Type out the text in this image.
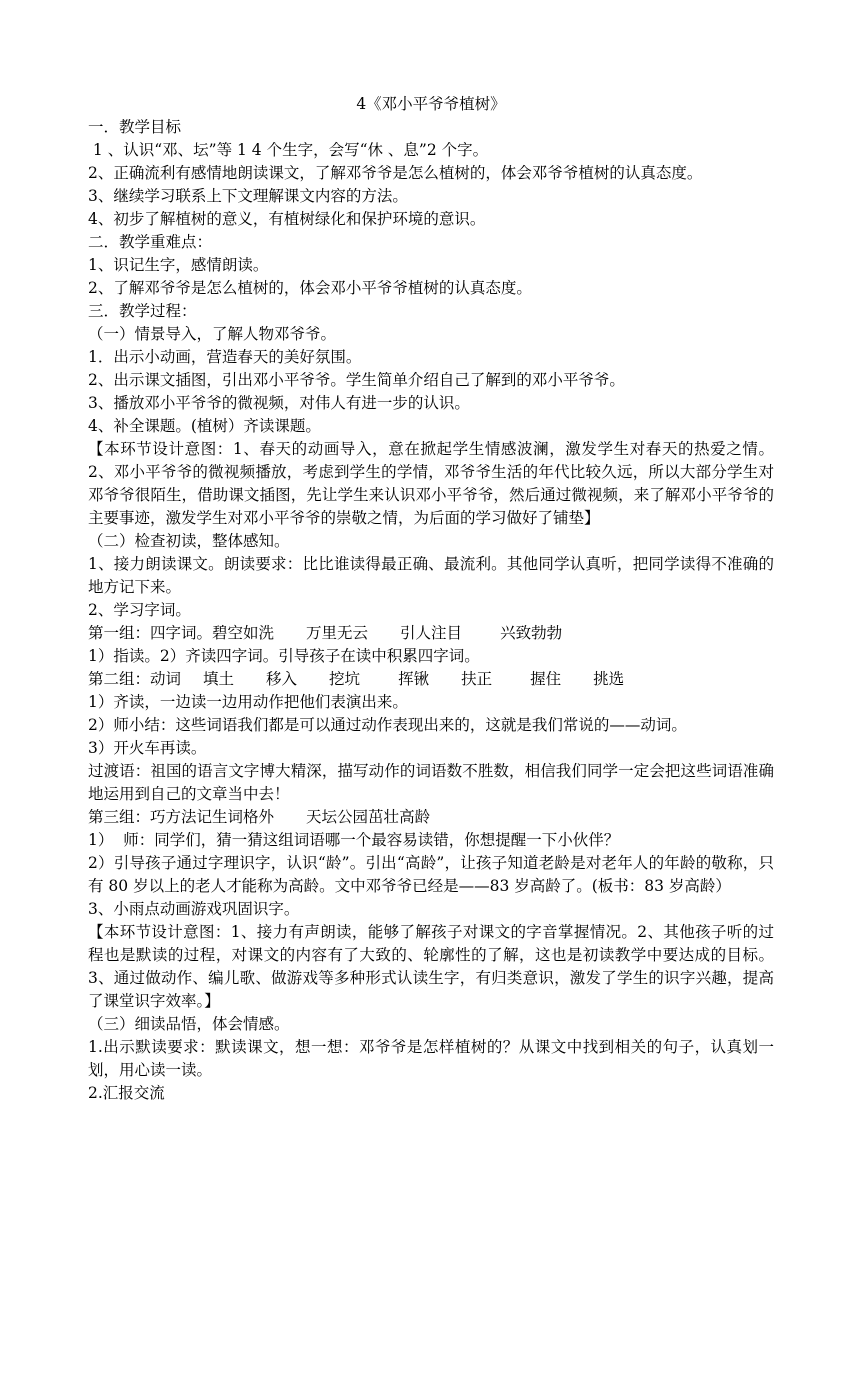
4《邓小平爷爷植树》
一．教学目标
1 、认识“邓、坛”等 1 4 个生字，会写“休 、息”2 个字。
2、正确流利有感情地朗读课文，了解邓爷爷是怎么植树的，体会邓爷爷植树的认真态度。
3、继续学习联系上下文理解课文内容的方法。
4、初步了解植树的意义，有植树绿化和保护环境的意识。
二．教学重难点：
1、识记生字，感情朗读。
2、了解邓爷爷是怎么植树的，体会邓小平爷爷植树的认真态度。
三．教学过程：
（一）情景导入，了解人物邓爷爷。
1．出示小动画，营造春天的美好氛围。
2、出示课文插图，引出邓小平爷爷。学生简单介绍自己了解到的邓小平爷爷。
3、播放邓小平爷爷的微视频，对伟人有进一步的认识。
4、补全课题。(植树）齐读课题。
【本环节设计意图：1、春天的动画导入，意在掀起学生情感波澜，激发学生对春天的热爱之情。2、邓小平爷爷的微视频播放，考虑到学生的学情，邓爷爷生活的年代比较久远，所以大部分学生对邓爷爷很陌生，借助课文插图，先让学生来认识邓小平爷爷，然后通过微视频，来了解邓小平爷爷的主要事迹，激发学生对邓小平爷爷的崇敬之情，为后面的学习做好了铺垫】
（二）检查初读，整体感知。
1、接力朗读课文。朗读要求：比比谁读得最正确、最流利。其他同学认真听，把同学读得不准确的地方记下来。
2、学习字词。
第一组：四字词。碧空如洗 万里无云 引人注目 兴致勃勃
1）指读。2）齐读四字词。引导孩子在读中积累四字词。
第二组：动词 填土 移入 挖坑 挥锹 扶正 握住 挑选
1）齐读，一边读一边用动作把他们表演出来。
2）师小结：这些词语我们都是可以通过动作表现出来的，这就是我们常说的——动词。
3）开火车再读。
过渡语：祖国的语言文字博大精深，描写动作的词语数不胜数，相信我们同学一定会把这些词语准确地运用到自己的文章当中去！
第三组：巧方法记生词格外 天坛公园茁壮高龄
1）  师：同学们，猜一猜这组词语哪一个最容易读错，你想提醒一下小伙伴？
2）引导孩子通过字理识字，认识“龄”。引出“高龄”，让孩子知道老龄是对老年人的年龄的敬称，只有 80 岁以上的老人才能称为高龄。文中邓爷爷已经是——83 岁高龄了。(板书：83 岁高龄）
3、小雨点动画游戏巩固识字。
【本环节设计意图：1、接力有声朗读，能够了解孩子对课文的字音掌握情况。2、其他孩子听的过程也是默读的过程，对课文的内容有了大致的、轮廓性的了解，这也是初读教学中要达成的目标。3、通过做动作、编儿歌、做游戏等多种形式认读生字，有归类意识，激发了学生的识字兴趣，提高了课堂识字效率。】
（三）细读品悟，体会情感。
1.出示默读要求：默读课文，想一想：邓爷爷是怎样植树的？从课文中找到相关的句子，认真划一划，用心读一读。
2.汇报交流
